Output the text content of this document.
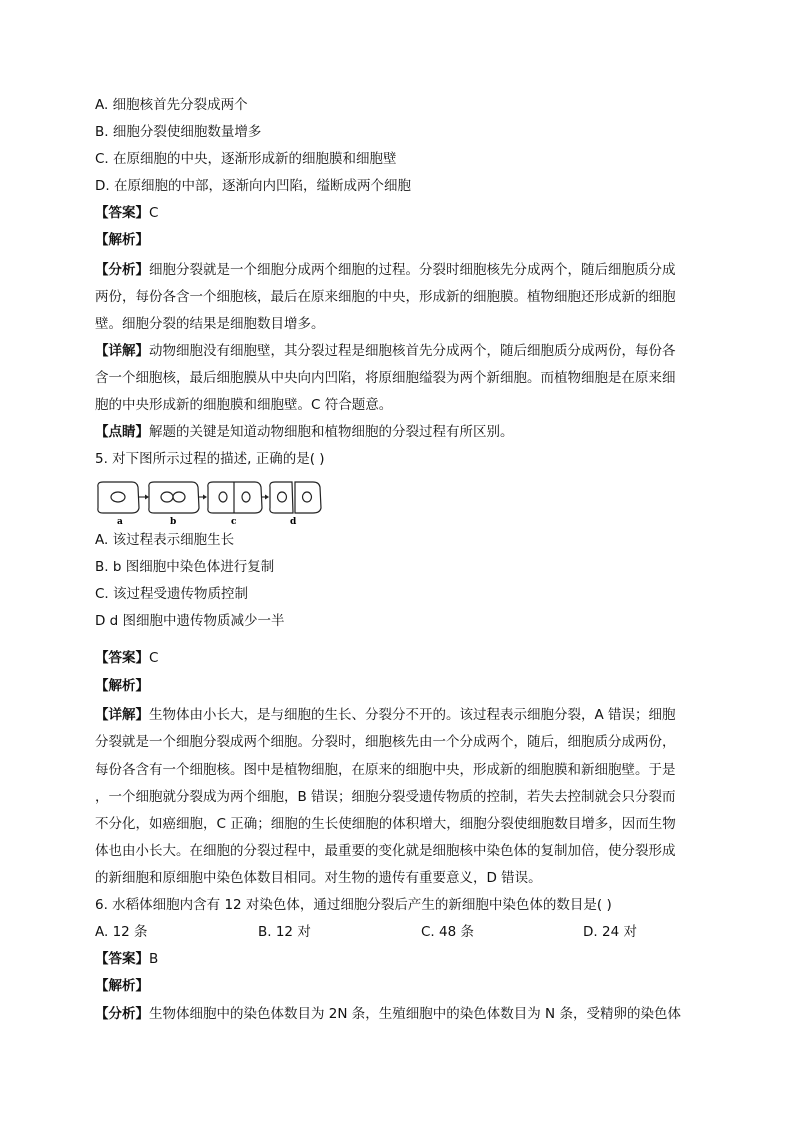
A. 细胞核首先分裂成两个
B. 细胞分裂使细胞数量增多
C. 在原细胞的中央，逐渐形成新的细胞膜和细胞壁
D. 在原细胞的中部，逐渐向内凹陷，缢断成两个细胞
【答案】C
【解析】
【分析】细胞分裂就是一个细胞分成两个细胞的过程。分裂时细胞核先分成两个，随后细胞质分成
两份，每份各含一个细胞核，最后在原来细胞的中央，形成新的细胞膜。植物细胞还形成新的细胞
壁。细胞分裂的结果是细胞数目增多。
【详解】动物细胞没有细胞壁，其分裂过程是细胞核首先分成两个，随后细胞质分成两份，每份各
含一个细胞核，最后细胞膜从中央向内凹陷，将原细胞缢裂为两个新细胞。而植物细胞是在原来细
胞的中央形成新的细胞膜和细胞壁。C 符合题意。
【点睛】解题的关键是知道动物细胞和植物细胞的分裂过程有所区别。
5. 对下图所示过程的描述, 正确的是( )
a	b	c	d
A. 该过程表示细胞生长
B. b 图细胞中染色体进行复制
C. 该过程受遗传物质控制
D d 图细胞中遗传物质减少一半
【答案】C
【解析】
【详解】生物体由小长大，是与细胞的生长、分裂分不开的。该过程表示细胞分裂，A 错误；细胞
分裂就是一个细胞分裂成两个细胞。分裂时，细胞核先由一个分成两个，随后，细胞质分成两份，
每份各含有一个细胞核。图中是植物细胞，在原来的细胞中央，形成新的细胞膜和新细胞壁。于是
，一个细胞就分裂成为两个细胞，B 错误；细胞分裂受遗传物质的控制，若失去控制就会只分裂而
不分化，如癌细胞，C 正确；细胞的生长使细胞的体积增大，细胞分裂使细胞数目增多，因而生物
体也由小长大。在细胞的分裂过程中，最重要的变化就是细胞核中染色体的复制加倍，使分裂形成
的新细胞和原细胞中染色体数目相同。对生物的遗传有重要意义，D 错误。
6. 水稻体细胞内含有 12 对染色体，通过细胞分裂后产生的新细胞中染色体的数目是( )
A. 12 条	B. 12 对	C. 48 条	D. 24 对
【答案】B
【解析】
【分析】生物体细胞中的染色体数目为 2N 条，生殖细胞中的染色体数目为 N 条，受精卵的染色体
